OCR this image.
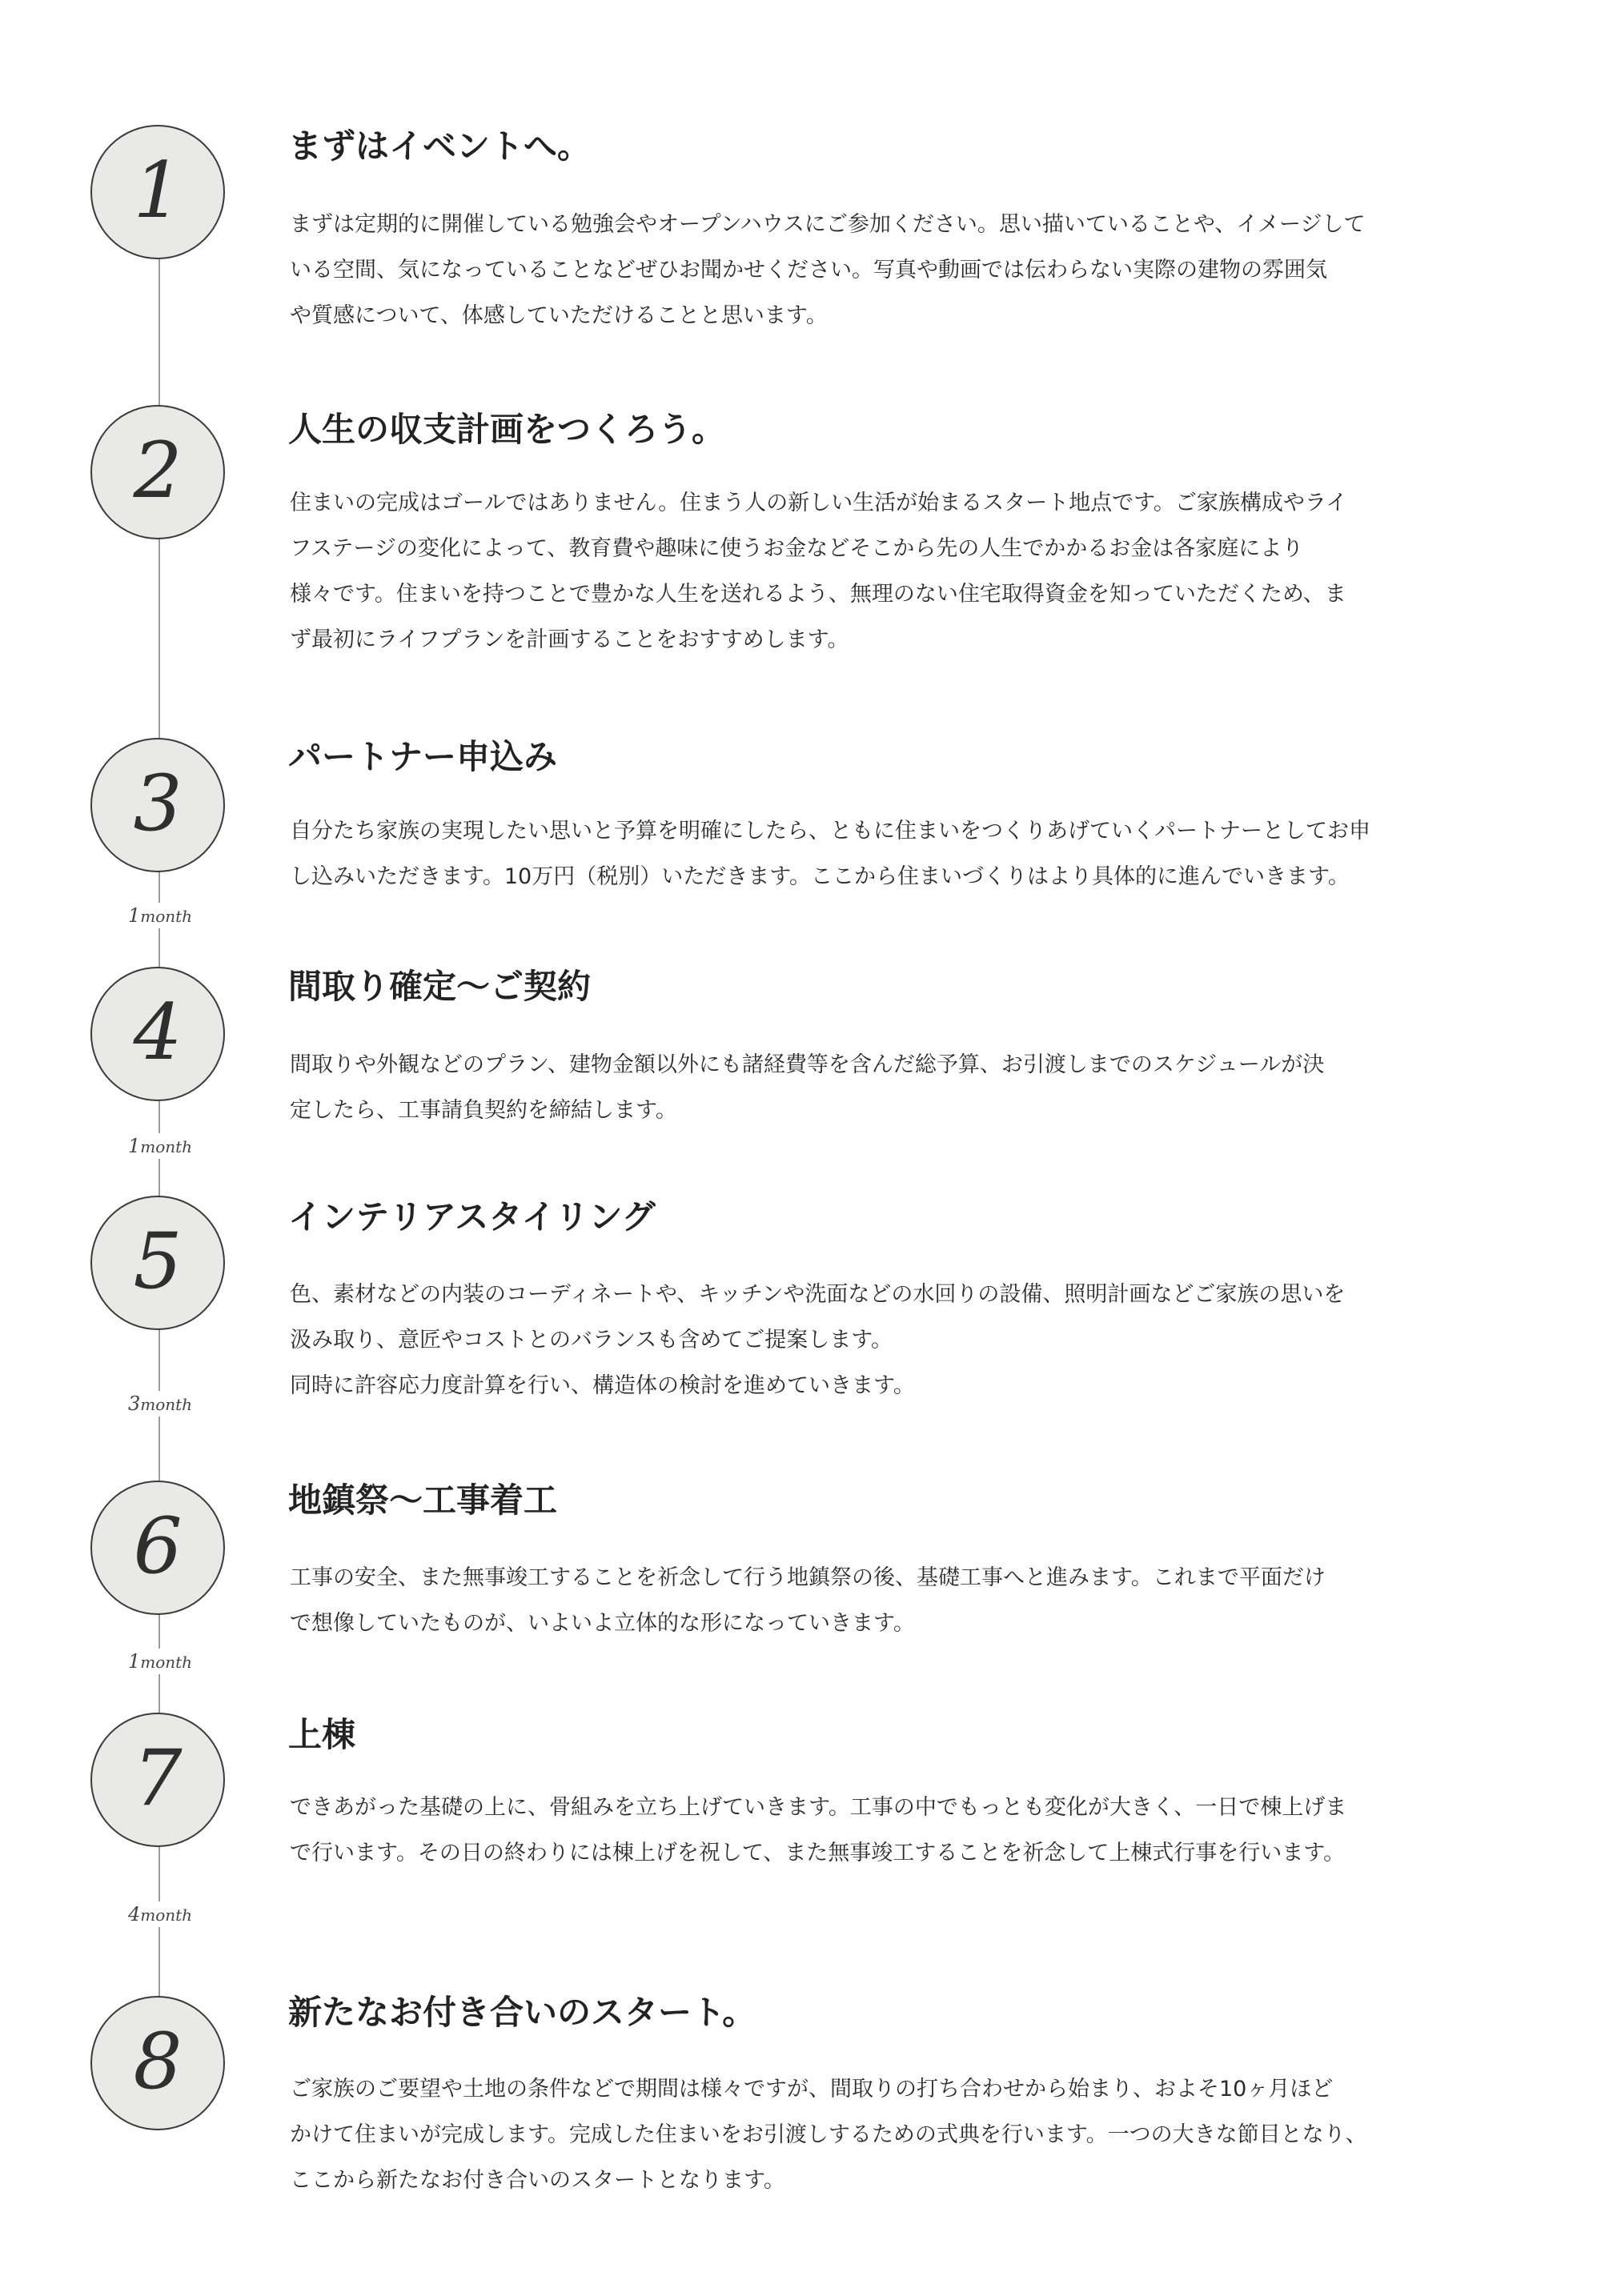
1	まずはイベントへ。

まずは定期的に開催している勉強会やオープンハウスにご参加ください。思い描いていることや、イメージして
いる空間、気になっていることなどぜひお聞かせください。写真や動画では伝わらない実際の建物の雰囲気
や質感について、体感していただけることと思います。

2	人生の収支計画をつくろう。

住まいの完成はゴールではありません。住まう人の新しい生活が始まるスタート地点です。ご家族構成やライ
フステージの変化によって、教育費や趣味に使うお金などそこから先の人生でかかるお金は各家庭により
様々です。住まいを持つことで豊かな人生を送れるよう、無理のない住宅取得資金を知っていただくため、ま
ず最初にライフプランを計画することをおすすめします。

3
パートナー申込み

自分たち家族の実現したい思いと予算を明確にしたら、ともに住まいをつくりあげていくパートナーとしてお申
し込みいただきます。10万円（税別）いただきます。ここから住まいづくりはより具体的に進んでいきます。

1month
4
間取り確定～ご契約

間取りや外観などのプラン、建物金額以外にも諸経費等を含んだ総予算、お引渡しまでのスケジュールが決
定したら、工事請負契約を締結します。

1month
5	インテリアスタイリング

色、素材などの内装のコーディネートや、キッチンや洗面などの水回りの設備、照明計画などご家族の思いを
汲み取り、意匠やコストとのバランスも含めてご提案します。
同時に許容応力度計算を行い、構造体の検討を進めていきます。

3month
6
地鎮祭～工事着工

工事の安全、また無事竣工することを祈念して行う地鎮祭の後、基礎工事へと進みます。これまで平面だけ
で想像していたものが、いよいよ立体的な形になっていきます。

1month
7	上棟

できあがった基礎の上に、骨組みを立ち上げていきます。工事の中でもっとも変化が大きく、一日で棟上げま
で行います。その日の終わりには棟上げを祝して、また無事竣工することを祈念して上棟式行事を行います。

4month
8
新たなお付き合いのスタート。

ご家族のご要望や土地の条件などで期間は様々ですが、間取りの打ち合わせから始まり、およそ10ヶ月ほど
かけて住まいが完成します。完成した住まいをお引渡しするための式典を行います。一つの大きな節目となり、
ここから新たなお付き合いのスタートとなります。
